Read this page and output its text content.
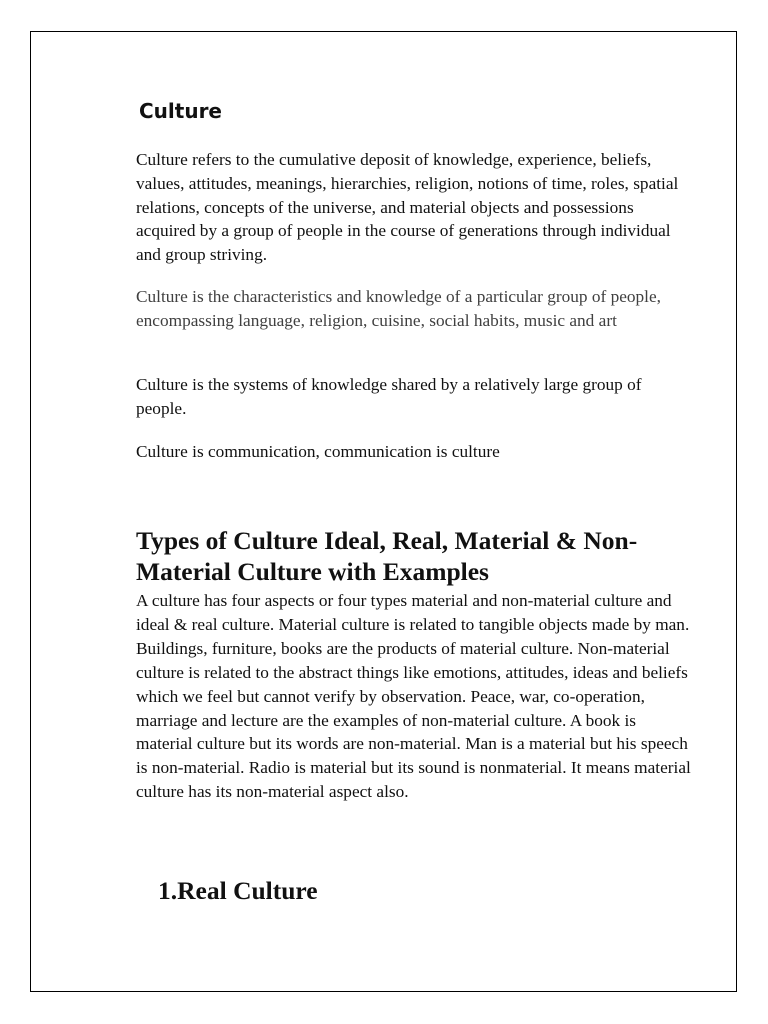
Culture

Culture refers to the cumulative deposit of knowledge, experience, beliefs, values, attitudes, meanings, hierarchies, religion, notions of time, roles, spatial relations, concepts of the universe, and material objects and possessions acquired by a group of people in the course of generations through individual and group striving.

Culture is the characteristics and knowledge of a particular group of people, encompassing language, religion, cuisine, social habits, music and art

Culture is the systems of knowledge shared by a relatively large group of people.

Culture is communication, communication is culture

Types of Culture Ideal, Real, Material & Non-Material Culture with Examples

A culture has four aspects or four types material and non-material culture and ideal & real culture. Material culture is related to tangible objects made by man. Buildings, furniture, books are the products of material culture. Non-material culture is related to the abstract things like emotions, attitudes, ideas and beliefs which we feel but cannot verify by observation. Peace, war, co-operation, marriage and lecture are the examples of non-material culture. A book is material culture but its words are non-material. Man is a material but his speech is non-material. Radio is material but its sound is nonmaterial. It means material culture has its non-material aspect also.

1.Real Culture
